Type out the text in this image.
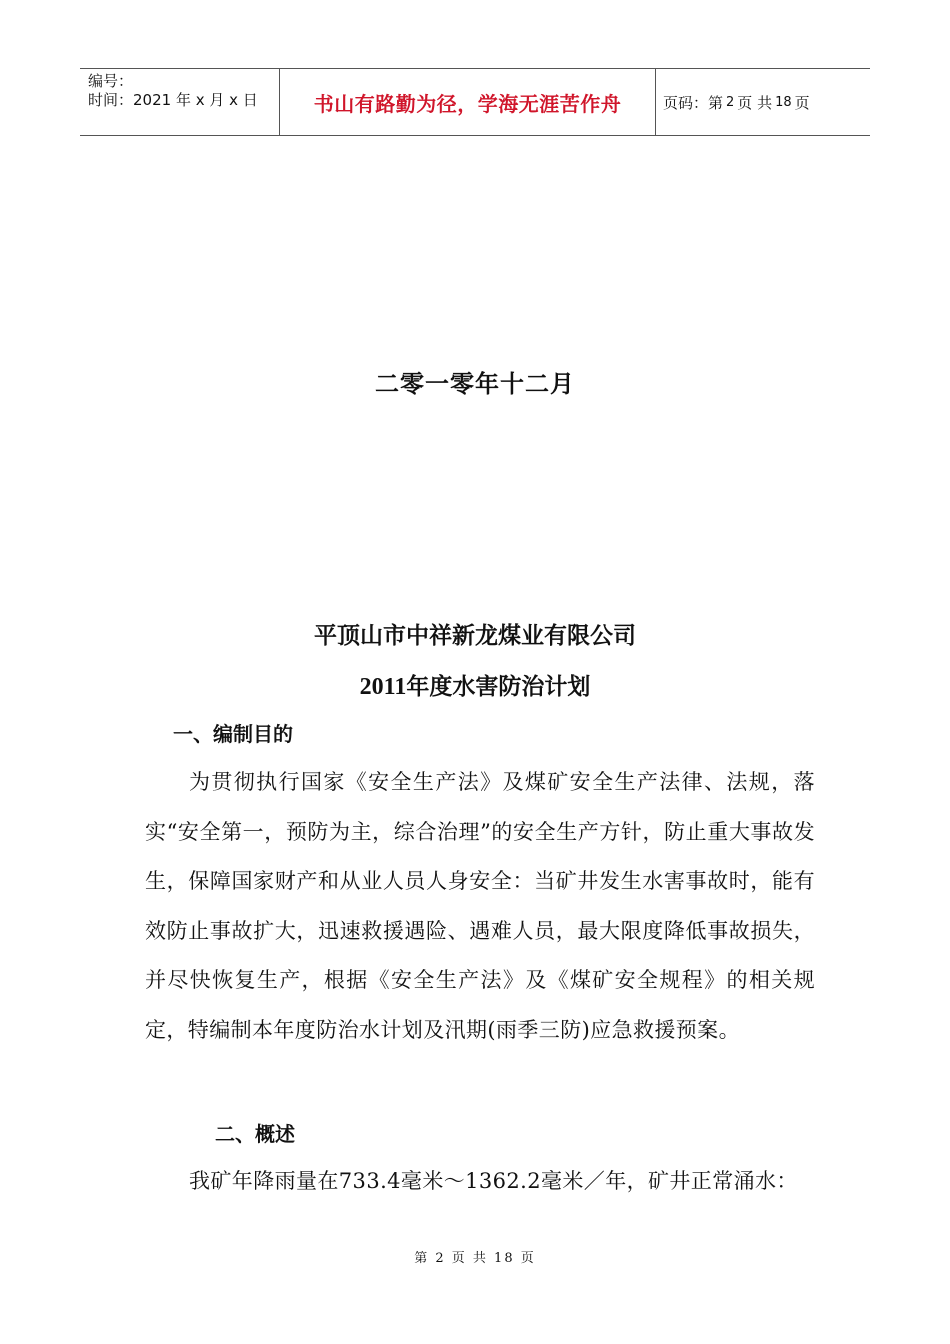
编号：
时间：2021 年 x 月 x 日	书山有路勤为径，学海无涯苦作舟	页码：第 2 页 共 18 页
二零一零年十二月
平顶山市中祥新龙煤业有限公司
2011年度水害防治计划
一、编制目的
为贯彻执行国家《安全生产法》及煤矿安全生产法律、法规，落实“安全第一，预防为主，综合治理”的安全生产方针，防止重大事故发生，保障国家财产和从业人员人身安全：当矿井发生水害事故时，能有效防止事故扩大，迅速救援遇险、遇难人员，最大限度降低事故损失，并尽快恢复生产，根据《安全生产法》及《煤矿安全规程》的相关规定，特编制本年度防治水计划及汛期(雨季三防)应急救援预案。
二、概述
我矿年降雨量在733.4毫米～1362.2毫米／年，矿井正常涌水：
第 2 页 共 18 页
